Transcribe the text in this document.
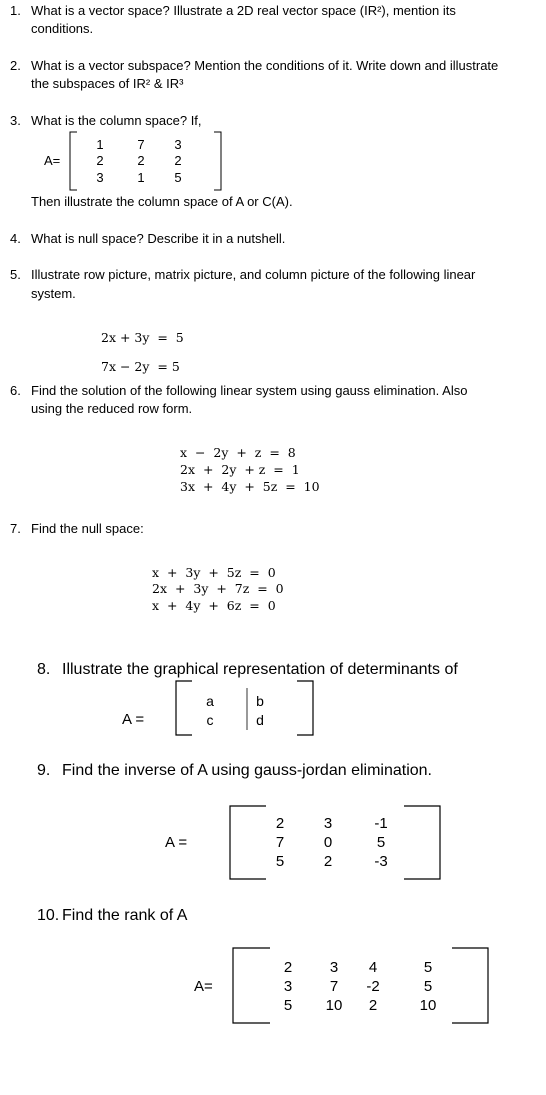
1. What is a vector space? Illustrate a 2D real vector space (IR²), mention its
conditions.
2. What is a vector subspace? Mention the conditions of it. Write down and illustrate
the subspaces of IR² & IR³
3. What is the column space? If,
A=
1	7	3
2	2	2
3	1	5
Then illustrate the column space of A or C(A).
4. What is null space? Describe it in a nutshell.
5. Illustrate row picture, matrix picture, and column picture of the following linear
system.
2x + 3y  =  5
7x − 2y  = 5
6. Find the solution of the following linear system using gauss elimination. Also
using the reduced row form.
x  −  2y  +  z  =  8
2x  +  2y  + z  =  1
3x  +  4y  +  5z  =  10
7. Find the null space:
x  +  3y  +  5z  =  0
2x  +  3y  +  7z  =  0
x  +  4y  +  6z  =  0
8. Illustrate the graphical representation of determinants of
A =
a	b
c	d
9. Find the inverse of A using gauss-jordan elimination.
A =
2	3	-1
7	0	5
5	2	-3
10. Find the rank of A
A=
2	3	4	5
3	7	-2	5
5	10	2	10
